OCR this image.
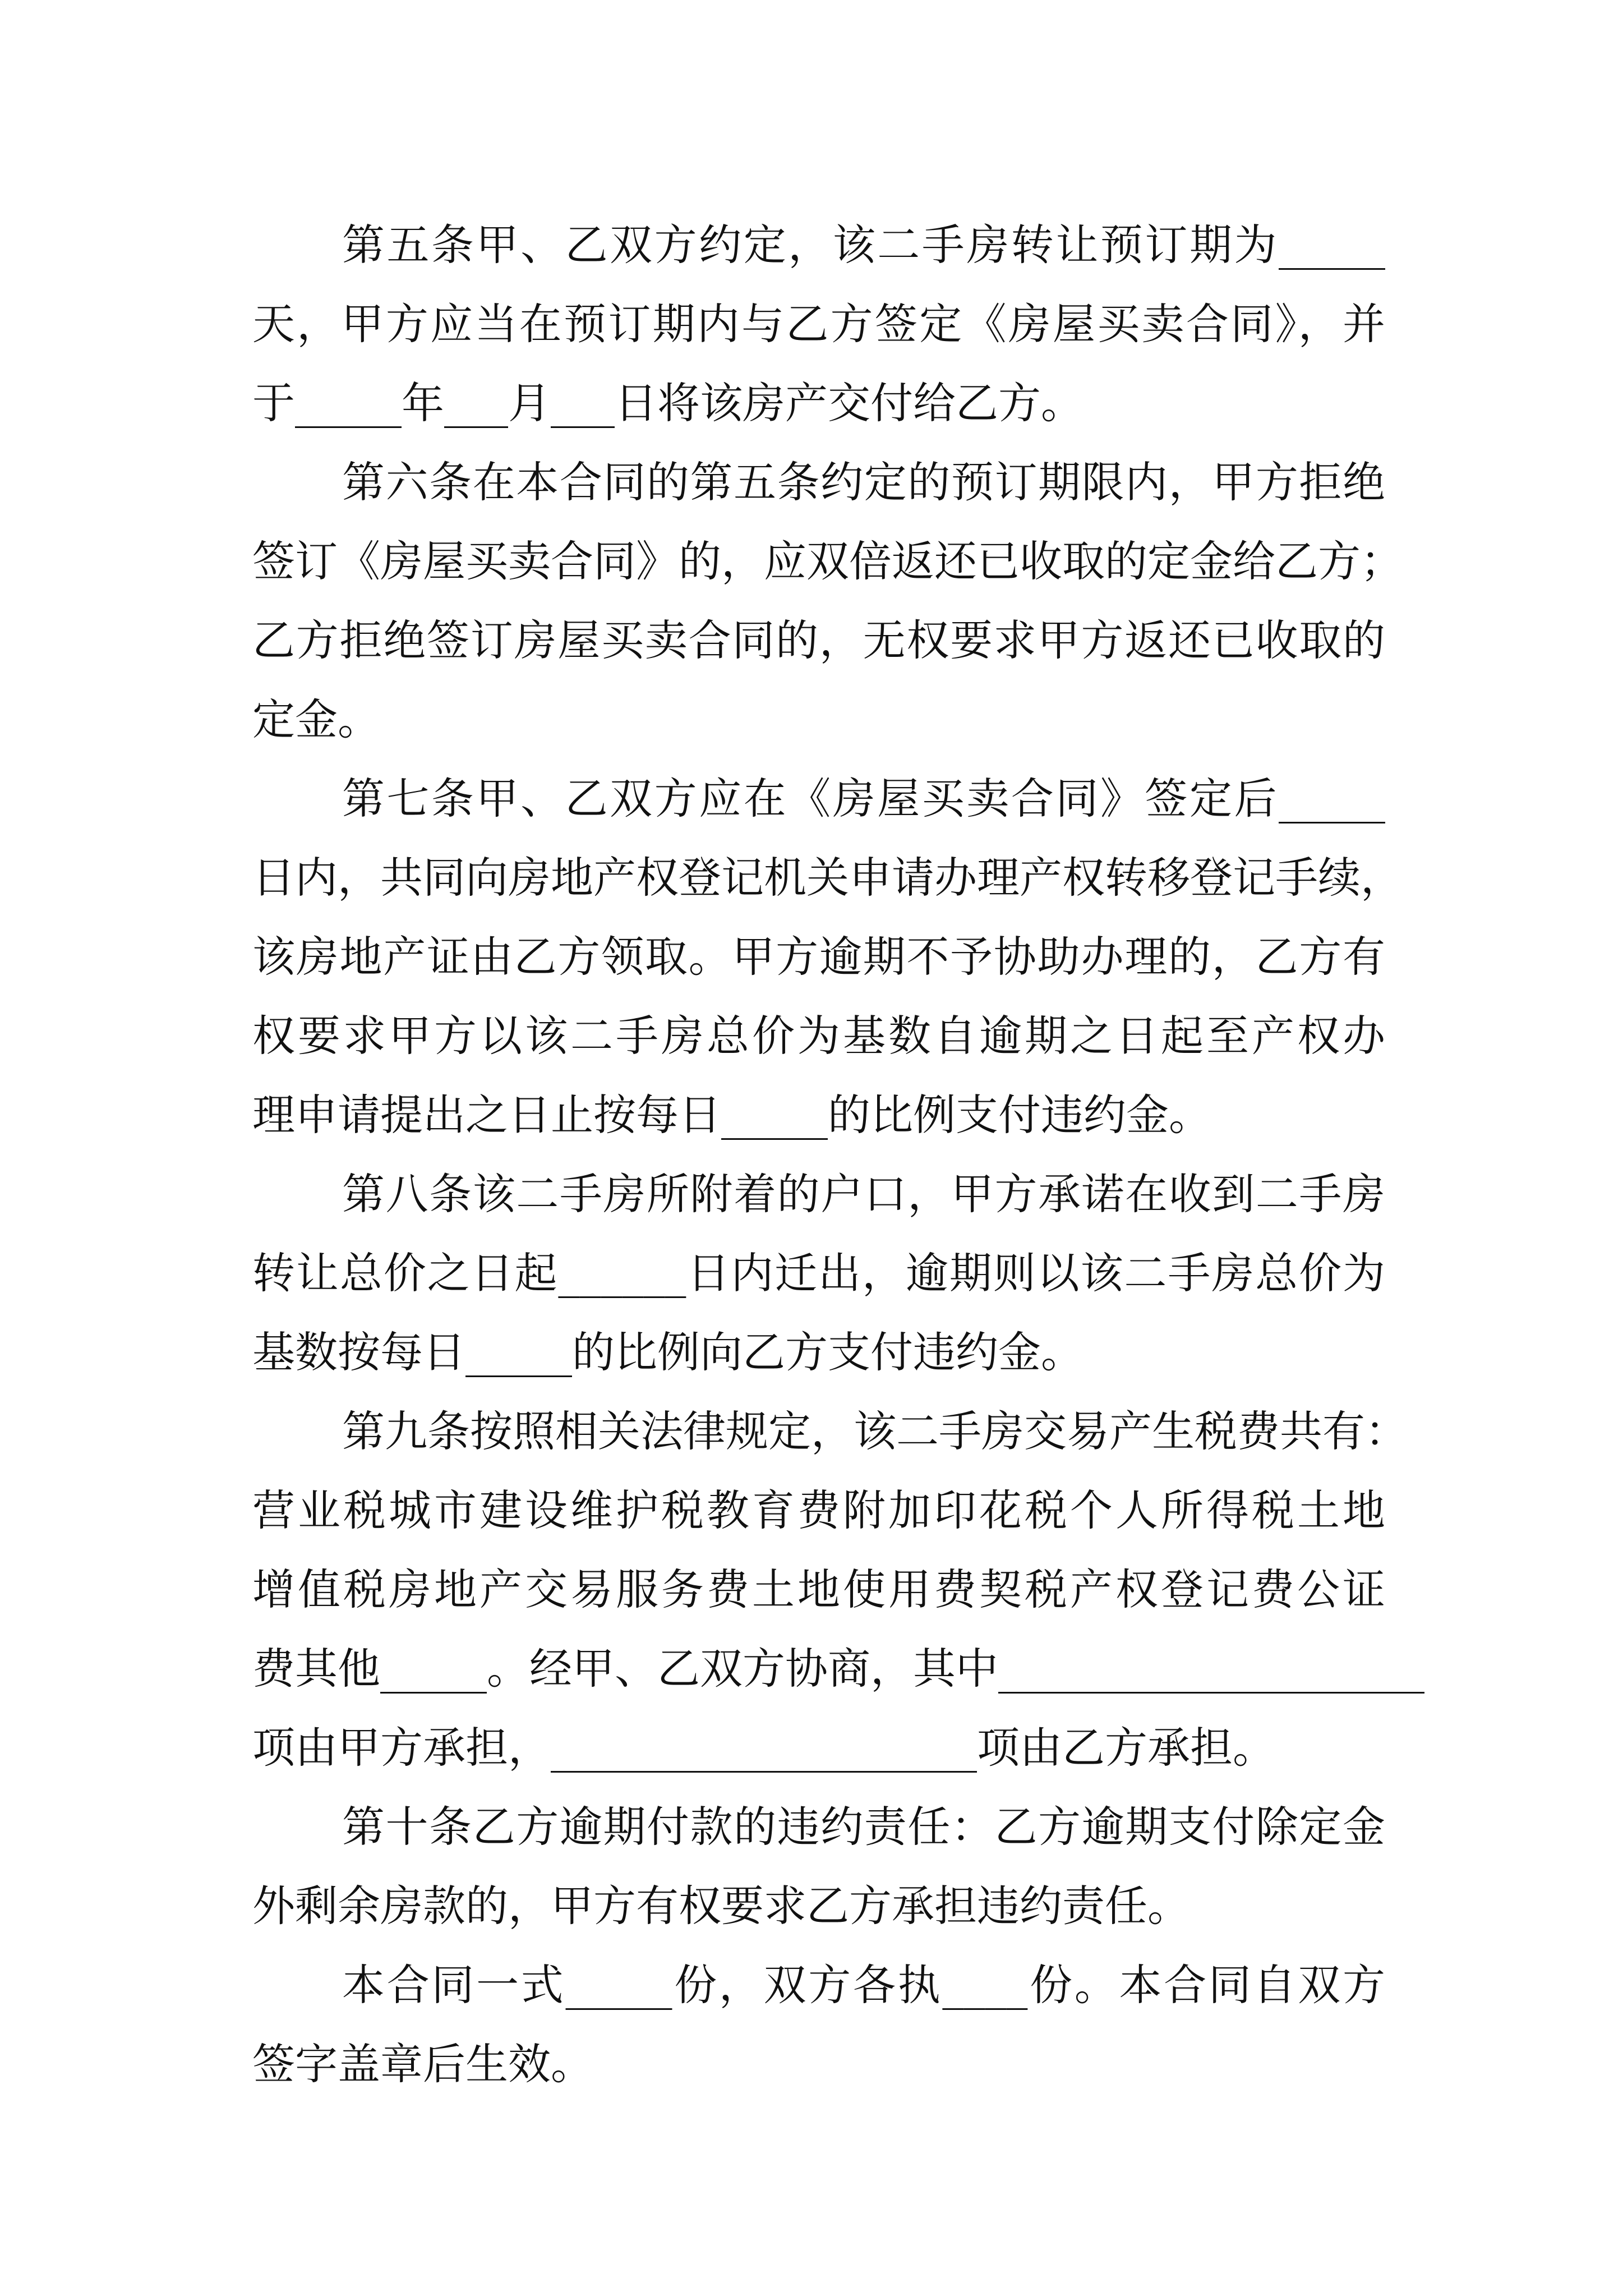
第五条甲、乙双方约定，该二手房转让预订期为_____
天，甲方应当在预订期内与乙方签定《房屋买卖合同》，并
于_____年___月___日将该房产交付给乙方。
第六条在本合同的第五条约定的预订期限内，甲方拒绝
签订《房屋买卖合同》的，应双倍返还已收取的定金给乙方；
乙方拒绝签订房屋买卖合同的，无权要求甲方返还已收取的
定金。
第七条甲、乙双方应在《房屋买卖合同》签定后_____
日内，共同向房地产权登记机关申请办理产权转移登记手续，
该房地产证由乙方领取。甲方逾期不予协助办理的，乙方有
权要求甲方以该二手房总价为基数自逾期之日起至产权办
理申请提出之日止按每日_____的比例支付违约金。
第八条该二手房所附着的户口，甲方承诺在收到二手房
转让总价之日起______日内迁出，逾期则以该二手房总价为
基数按每日_____的比例向乙方支付违约金。
第九条按照相关法律规定，该二手房交易产生税费共有：
营业税城市建设维护税教育费附加印花税个人所得税土地
增值税房地产交易服务费土地使用费契税产权登记费公证
费其他_____。经甲、乙双方协商，其中____________________
项由甲方承担，____________________项由乙方承担。
第十条乙方逾期付款的违约责任：乙方逾期支付除定金
外剩余房款的，甲方有权要求乙方承担违约责任。
本合同一式_____份，双方各执____份。本合同自双方
签字盖章后生效。
